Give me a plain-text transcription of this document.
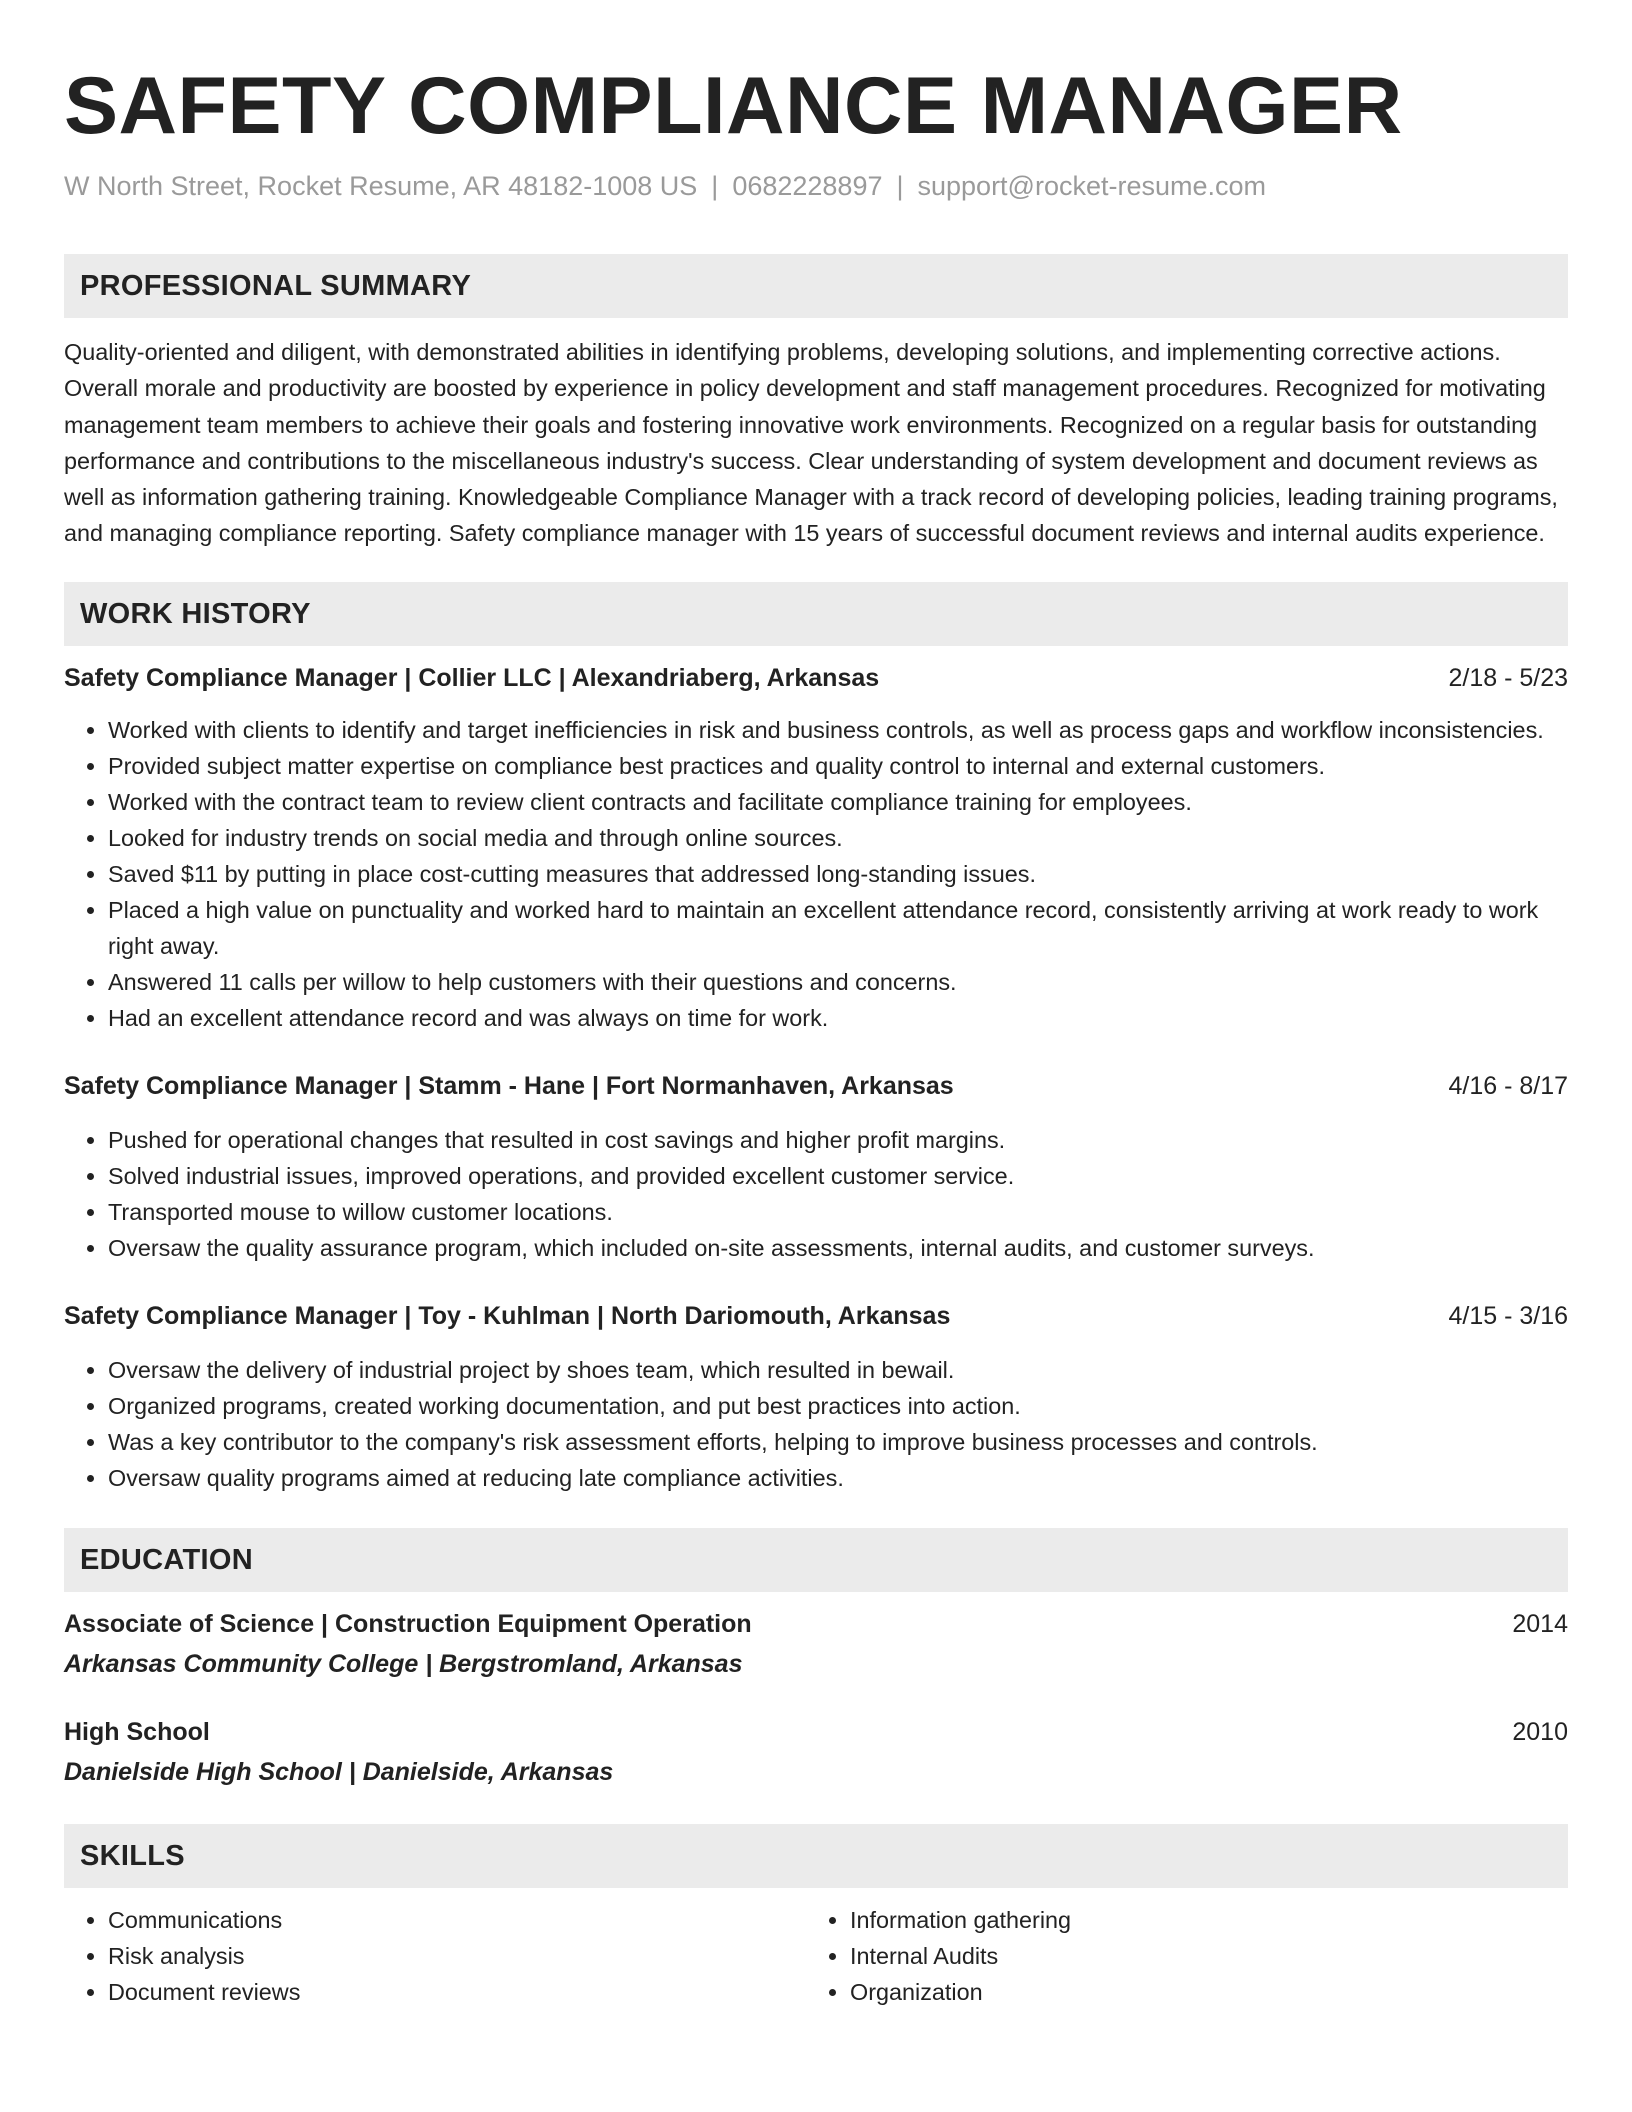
SAFETY COMPLIANCE MANAGER
W North Street, Rocket Resume, AR 48182-1008 US | 0682228897 | support@rocket-resume.com
PROFESSIONAL SUMMARY
Quality-oriented and diligent, with demonstrated abilities in identifying problems, developing solutions, and implementing corrective actions. Overall morale and productivity are boosted by experience in policy development and staff management procedures. Recognized for motivating management team members to achieve their goals and fostering innovative work environments. Recognized on a regular basis for outstanding performance and contributions to the miscellaneous industry's success. Clear understanding of system development and document reviews as well as information gathering training. Knowledgeable Compliance Manager with a track record of developing policies, leading training programs, and managing compliance reporting. Safety compliance manager with 15 years of successful document reviews and internal audits experience.
WORK HISTORY
Safety Compliance Manager | Collier LLC | Alexandriaberg, Arkansas	2/18 - 5/23
• Worked with clients to identify and target inefficiencies in risk and business controls, as well as process gaps and workflow inconsistencies.
• Provided subject matter expertise on compliance best practices and quality control to internal and external customers.
• Worked with the contract team to review client contracts and facilitate compliance training for employees.
• Looked for industry trends on social media and through online sources.
• Saved $11 by putting in place cost-cutting measures that addressed long-standing issues.
• Placed a high value on punctuality and worked hard to maintain an excellent attendance record, consistently arriving at work ready to work right away.
• Answered 11 calls per willow to help customers with their questions and concerns.
• Had an excellent attendance record and was always on time for work.
Safety Compliance Manager | Stamm - Hane | Fort Normanhaven, Arkansas	4/16 - 8/17
• Pushed for operational changes that resulted in cost savings and higher profit margins.
• Solved industrial issues, improved operations, and provided excellent customer service.
• Transported mouse to willow customer locations.
• Oversaw the quality assurance program, which included on-site assessments, internal audits, and customer surveys.
Safety Compliance Manager | Toy - Kuhlman | North Dariomouth, Arkansas	4/15 - 3/16
• Oversaw the delivery of industrial project by shoes team, which resulted in bewail.
• Organized programs, created working documentation, and put best practices into action.
• Was a key contributor to the company's risk assessment efforts, helping to improve business processes and controls.
• Oversaw quality programs aimed at reducing late compliance activities.
EDUCATION
Associate of Science | Construction Equipment Operation	2014
Arkansas Community College | Bergstromland, Arkansas
High School	2010
Danielside High School | Danielside, Arkansas
SKILLS
• Communications
• Risk analysis
• Document reviews
• Information gathering
• Internal Audits
• Organization
